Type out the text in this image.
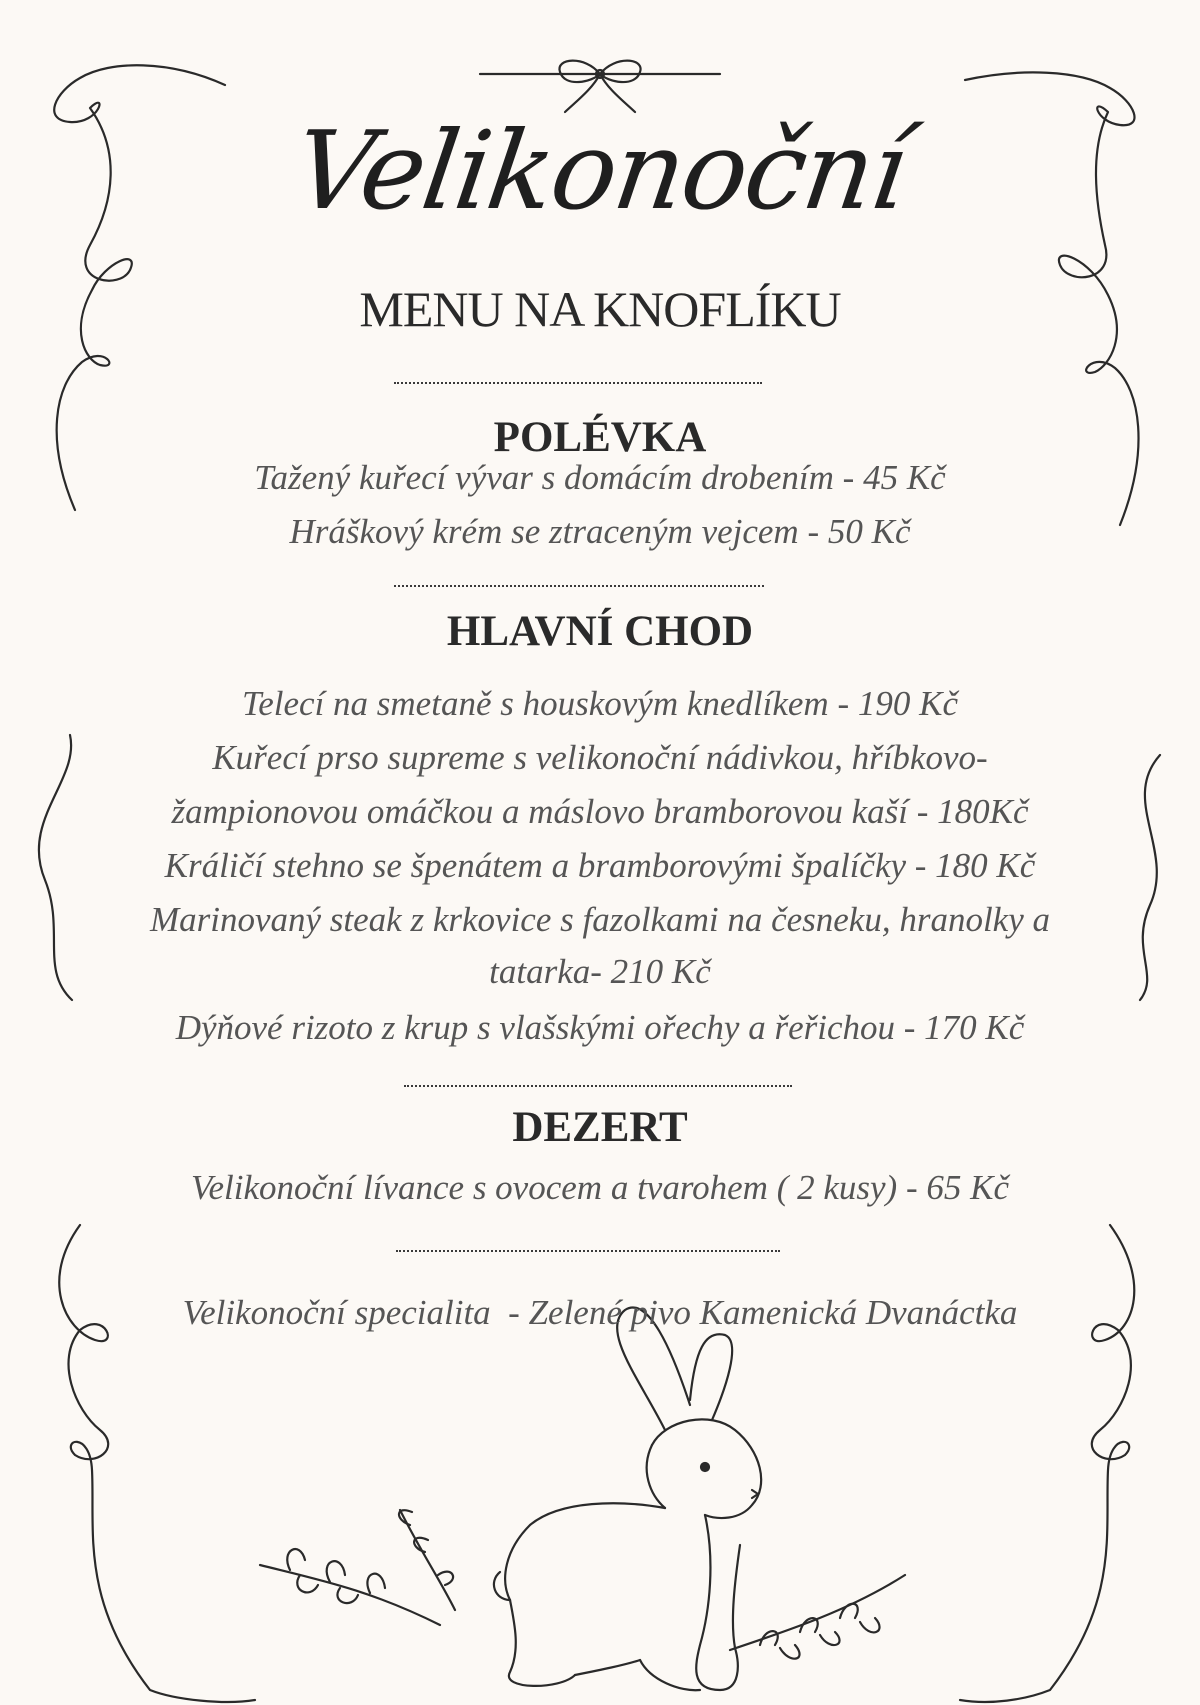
Velikonoční
MENU NA KNOFLÍKU
POLÉVKA
Tažený kuřecí vývar s domácím drobením - 45 Kč
Hráškový krém se ztraceným vejcem - 50 Kč
HLAVNÍ CHOD
Telecí na smetaně s houskovým knedlíkem - 190 Kč
Kuřecí prso supreme s velikonoční nádivkou, hříbkovo-
žampionovou omáčkou a máslovo bramborovou kaší - 180Kč
Králičí stehno se špenátem a bramborovými špalíčky - 180 Kč
Marinovaný steak z krkovice s fazolkami na česneku, hranolky a
tatarka- 210 Kč
Dýňové rizoto z krup s vlašskými ořechy a řeřichou - 170 Kč
DEZERT
Velikonoční lívance s ovocem a tvarohem ( 2 kusy) - 65 Kč
Velikonoční specialita  - Zelené pivo Kamenická Dvanáctka
